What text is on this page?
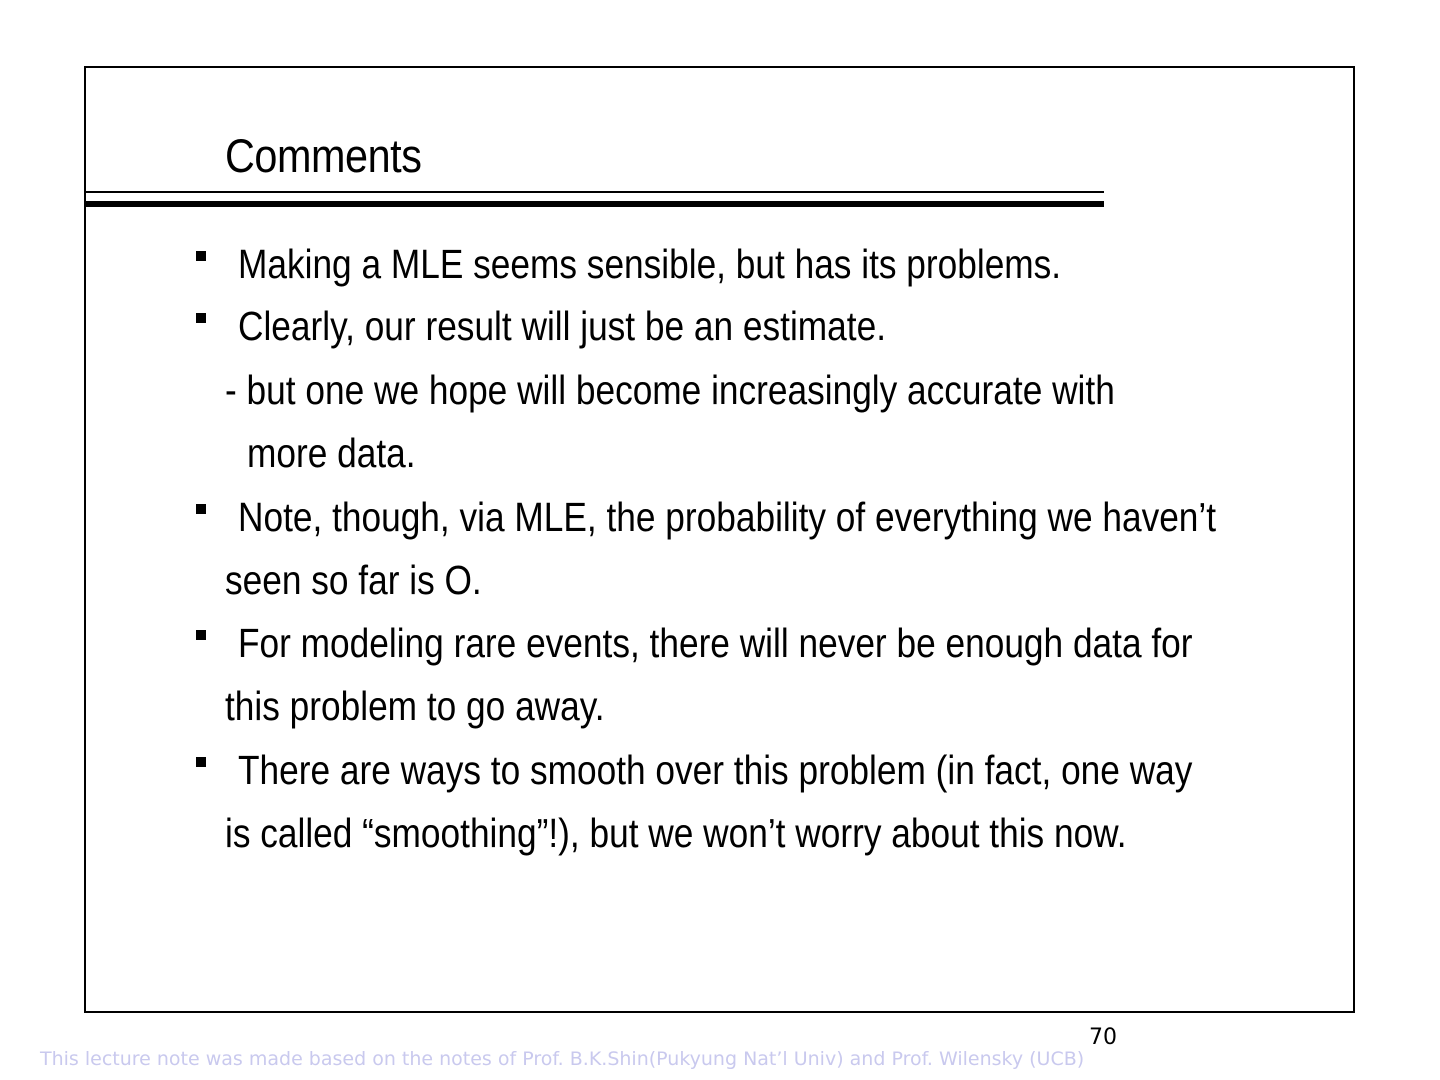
Comments
Making a MLE seems sensible, but has its problems.
Clearly, our result will just be an estimate.
- but one we hope will become increasingly accurate with
more data.
Note, though, via MLE, the probability of everything we haven’t
seen so far is O.
For modeling rare events, there will never be enough data for
this problem to go away.
There are ways to smooth over this problem (in fact, one way
is called “smoothing”!), but we won’t worry about this now.
70
This lecture note was made based on the notes of Prof. B.K.Shin(Pukyung Nat’l Univ) and Prof. Wilensky (UCB)
